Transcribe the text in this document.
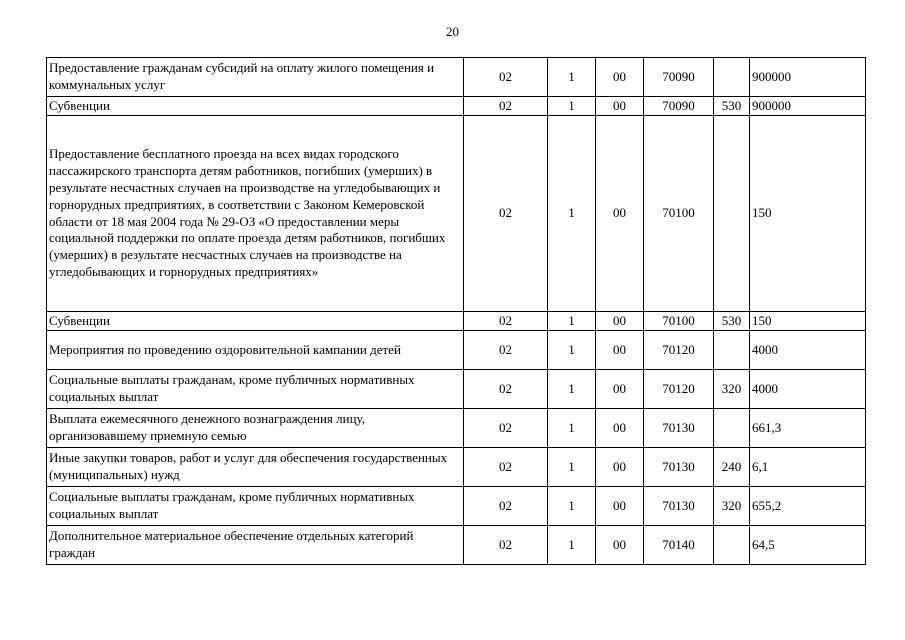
20
Предоставление гражданам субсидий на оплату жилого помещения и коммунальных услуг	02	1	00	70090		900000
Субвенции	02	1	00	70090	530	900000
Предоставление бесплатного проезда на всех видах городского пассажирского транспорта детям работников, погибших (умерших) в результате несчастных случаев на производстве на угледобывающих и горнорудных предприятиях, в соответствии с Законом Кемеровской области от 18 мая 2004 года № 29-ОЗ «О предоставлении меры социальной поддержки по оплате проезда детям работников, погибших (умерших) в результате несчастных случаев на производстве на угледобывающих и горнорудных предприятиях»	02	1	00	70100		150
Субвенции	02	1	00	70100	530	150
Мероприятия по проведению оздоровительной кампании детей	02	1	00	70120		4000
Социальные выплаты гражданам, кроме публичных нормативных социальных выплат	02	1	00	70120	320	4000
Выплата ежемесячного денежного вознаграждения лицу, организовавшему приемную семью	02	1	00	70130		661,3
Иные закупки товаров, работ и услуг для обеспечения государственных (муниципальных) нужд	02	1	00	70130	240	6,1
Социальные выплаты гражданам, кроме публичных нормативных социальных выплат	02	1	00	70130	320	655,2
Дополнительное материальное обеспечение отдельных категорий граждан	02	1	00	70140		64,5
